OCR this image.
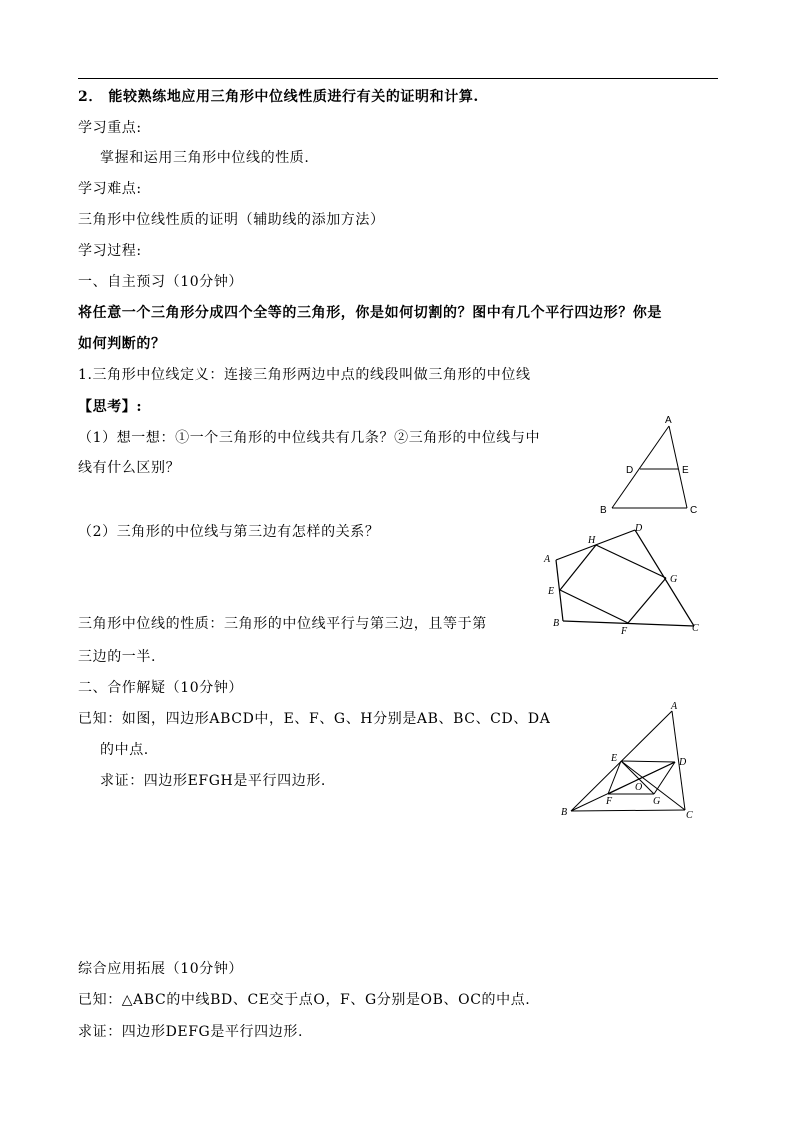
2． 能较熟练地应用三角形中位线性质进行有关的证明和计算.
学习重点:
掌握和运用三角形中位线的性质.
学习难点:
三角形中位线性质的证明（辅助线的添加方法）
学习过程:
一、自主预习（10分钟）
将任意一个三角形分成四个全等的三角形，你是如何切割的？图中有几个平行四边形？你是
如何判断的？
1.三角形中位线定义：连接三角形两边中点的线段叫做三角形的中位线
【思考】:
（1）想一想：①一个三角形的中位线共有几条？②三角形的中位线与中
线有什么区别？
（2）三角形的中位线与第三边有怎样的关系？
三角形中位线的性质：三角形的中位线平行与第三边，且等于第
三边的一半.
二、合作解疑（10分钟）
已知：如图，四边形ABCD中，E、F、G、H分别是AB、BC、CD、DA
的中点.
求证：四边形EFGH是平行四边形.
综合应用拓展（10分钟）
已知：△ABC的中线BD、CE交于点O，F、G分别是OB、OC的中点.
求证：四边形DEFG是平行四边形.
A
D	E
B	C
A
H
D
E
G
B
F	C
A
E	D
O
F	G
B	C
